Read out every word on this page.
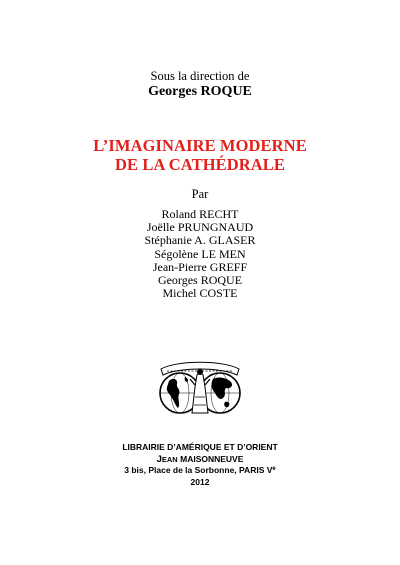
Sous la direction de
Georges ROQUE
L’IMAGINAIRE MODERNE
DE LA CATHÉDRALE
Par
Roland RECHT
Joëlle PRUNGNAUD
Stéphanie A. GLASER
Ségolène LE MEN
Jean-Pierre GREFF
Georges ROQUE
Michel COSTE
LIBRAIRIE D’AMÉRIQUE ET D’ORIENT
JEAN MAISONNEUVE
3 bis, Place de la Sorbonne, PARIS Ve
2012
